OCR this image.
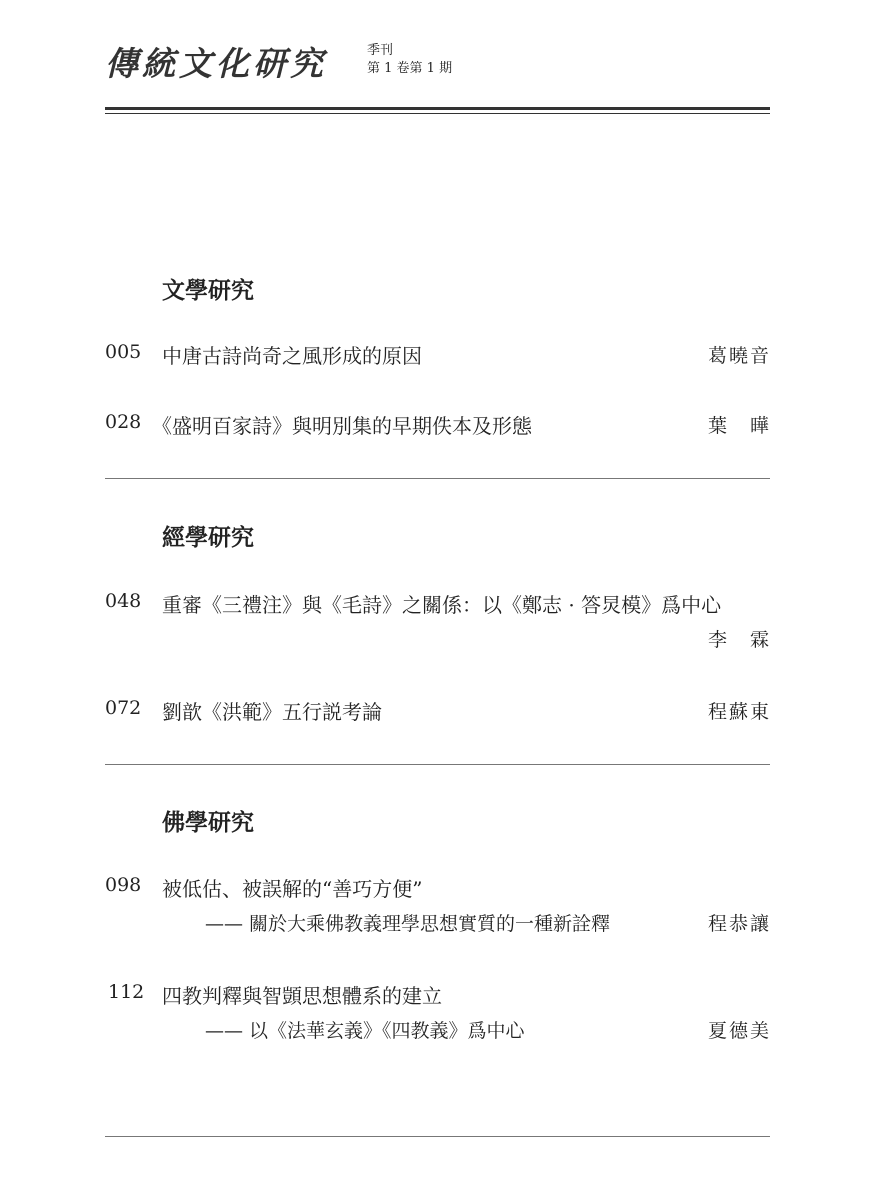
傳統文化研究	季刊
第 1 卷第 1 期
文學研究
005 中唐古詩尚奇之風形成的原因	葛曉音
028 《盛明百家詩》與明別集的早期佚本及形態	葉　曄
經學研究
048 重審《三禮注》與《毛詩》之關係：以《鄭志 · 答炅模》爲中心
李　霖
072 劉歆《洪範》五行説考論	程蘇東
佛學研究
098 被低估、被誤解的“善巧方便”
—— 關於大乘佛教義理學思想實質的一種新詮釋	程恭讓
112 四教判釋與智顗思想體系的建立
—— 以《法華玄義》《四教義》爲中心	夏德美
